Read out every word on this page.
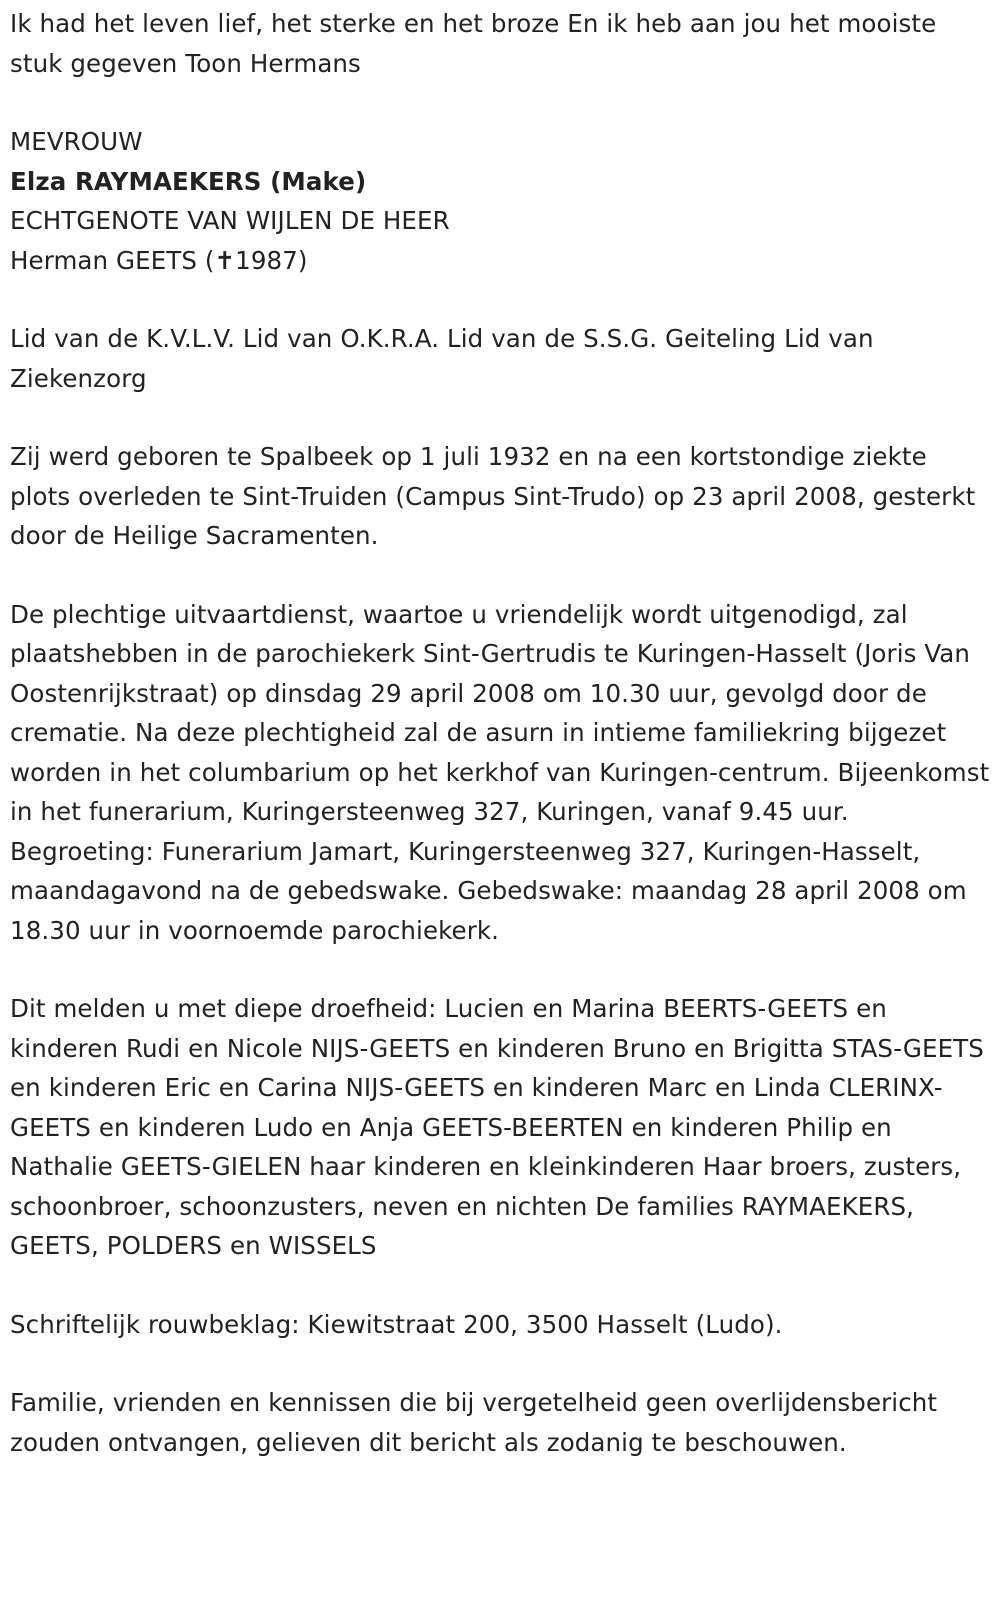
Ik had het leven lief, het sterke en het broze En ik heb aan jou het mooiste stuk gegeven Toon Hermans

MEVROUW

Elza RAYMAEKERS (Make)

ECHTGENOTE VAN WIJLEN DE HEER

Herman GEETS (✝1987)

Lid van de K.V.L.V. Lid van O.K.R.A. Lid van de S.S.G. Geiteling Lid van Ziekenzorg

Zij werd geboren te Spalbeek op 1 juli 1932 en na een kortstondige ziekte plots overleden te Sint-Truiden (Campus Sint-Trudo) op 23 april 2008, gesterkt door de Heilige Sacramenten.

De plechtige uitvaartdienst, waartoe u vriendelijk wordt uitgenodigd, zal plaatshebben in de parochiekerk Sint-Gertrudis te Kuringen-Hasselt (Joris Van Oostenrijkstraat) op dinsdag 29 april 2008 om 10.30 uur, gevolgd door de crematie. Na deze plechtigheid zal de asurn in intieme familiekring bijgezet worden in het columbarium op het kerkhof van Kuringen-centrum. Bijeenkomst in het funerarium, Kuringersteenweg 327, Kuringen, vanaf 9.45 uur. Begroeting: Funerarium Jamart, Kuringersteenweg 327, Kuringen-Hasselt, maandagavond na de gebedswake. Gebedswake: maandag 28 april 2008 om 18.30 uur in voornoemde parochiekerk.

Dit melden u met diepe droefheid: Lucien en Marina BEERTS-GEETS en kinderen Rudi en Nicole NIJS-GEETS en kinderen Bruno en Brigitta STAS-GEETS en kinderen Eric en Carina NIJS-GEETS en kinderen Marc en Linda CLERINX-GEETS en kinderen Ludo en Anja GEETS-BEERTEN en kinderen Philip en Nathalie GEETS-GIELEN haar kinderen en kleinkinderen Haar broers, zusters, schoonbroer, schoonzusters, neven en nichten De families RAYMAEKERS, GEETS, POLDERS en WISSELS

Schriftelijk rouwbeklag: Kiewitstraat 200, 3500 Hasselt (Ludo).

Familie, vrienden en kennissen die bij vergetelheid geen overlijdensbericht zouden ontvangen, gelieven dit bericht als zodanig te beschouwen.
